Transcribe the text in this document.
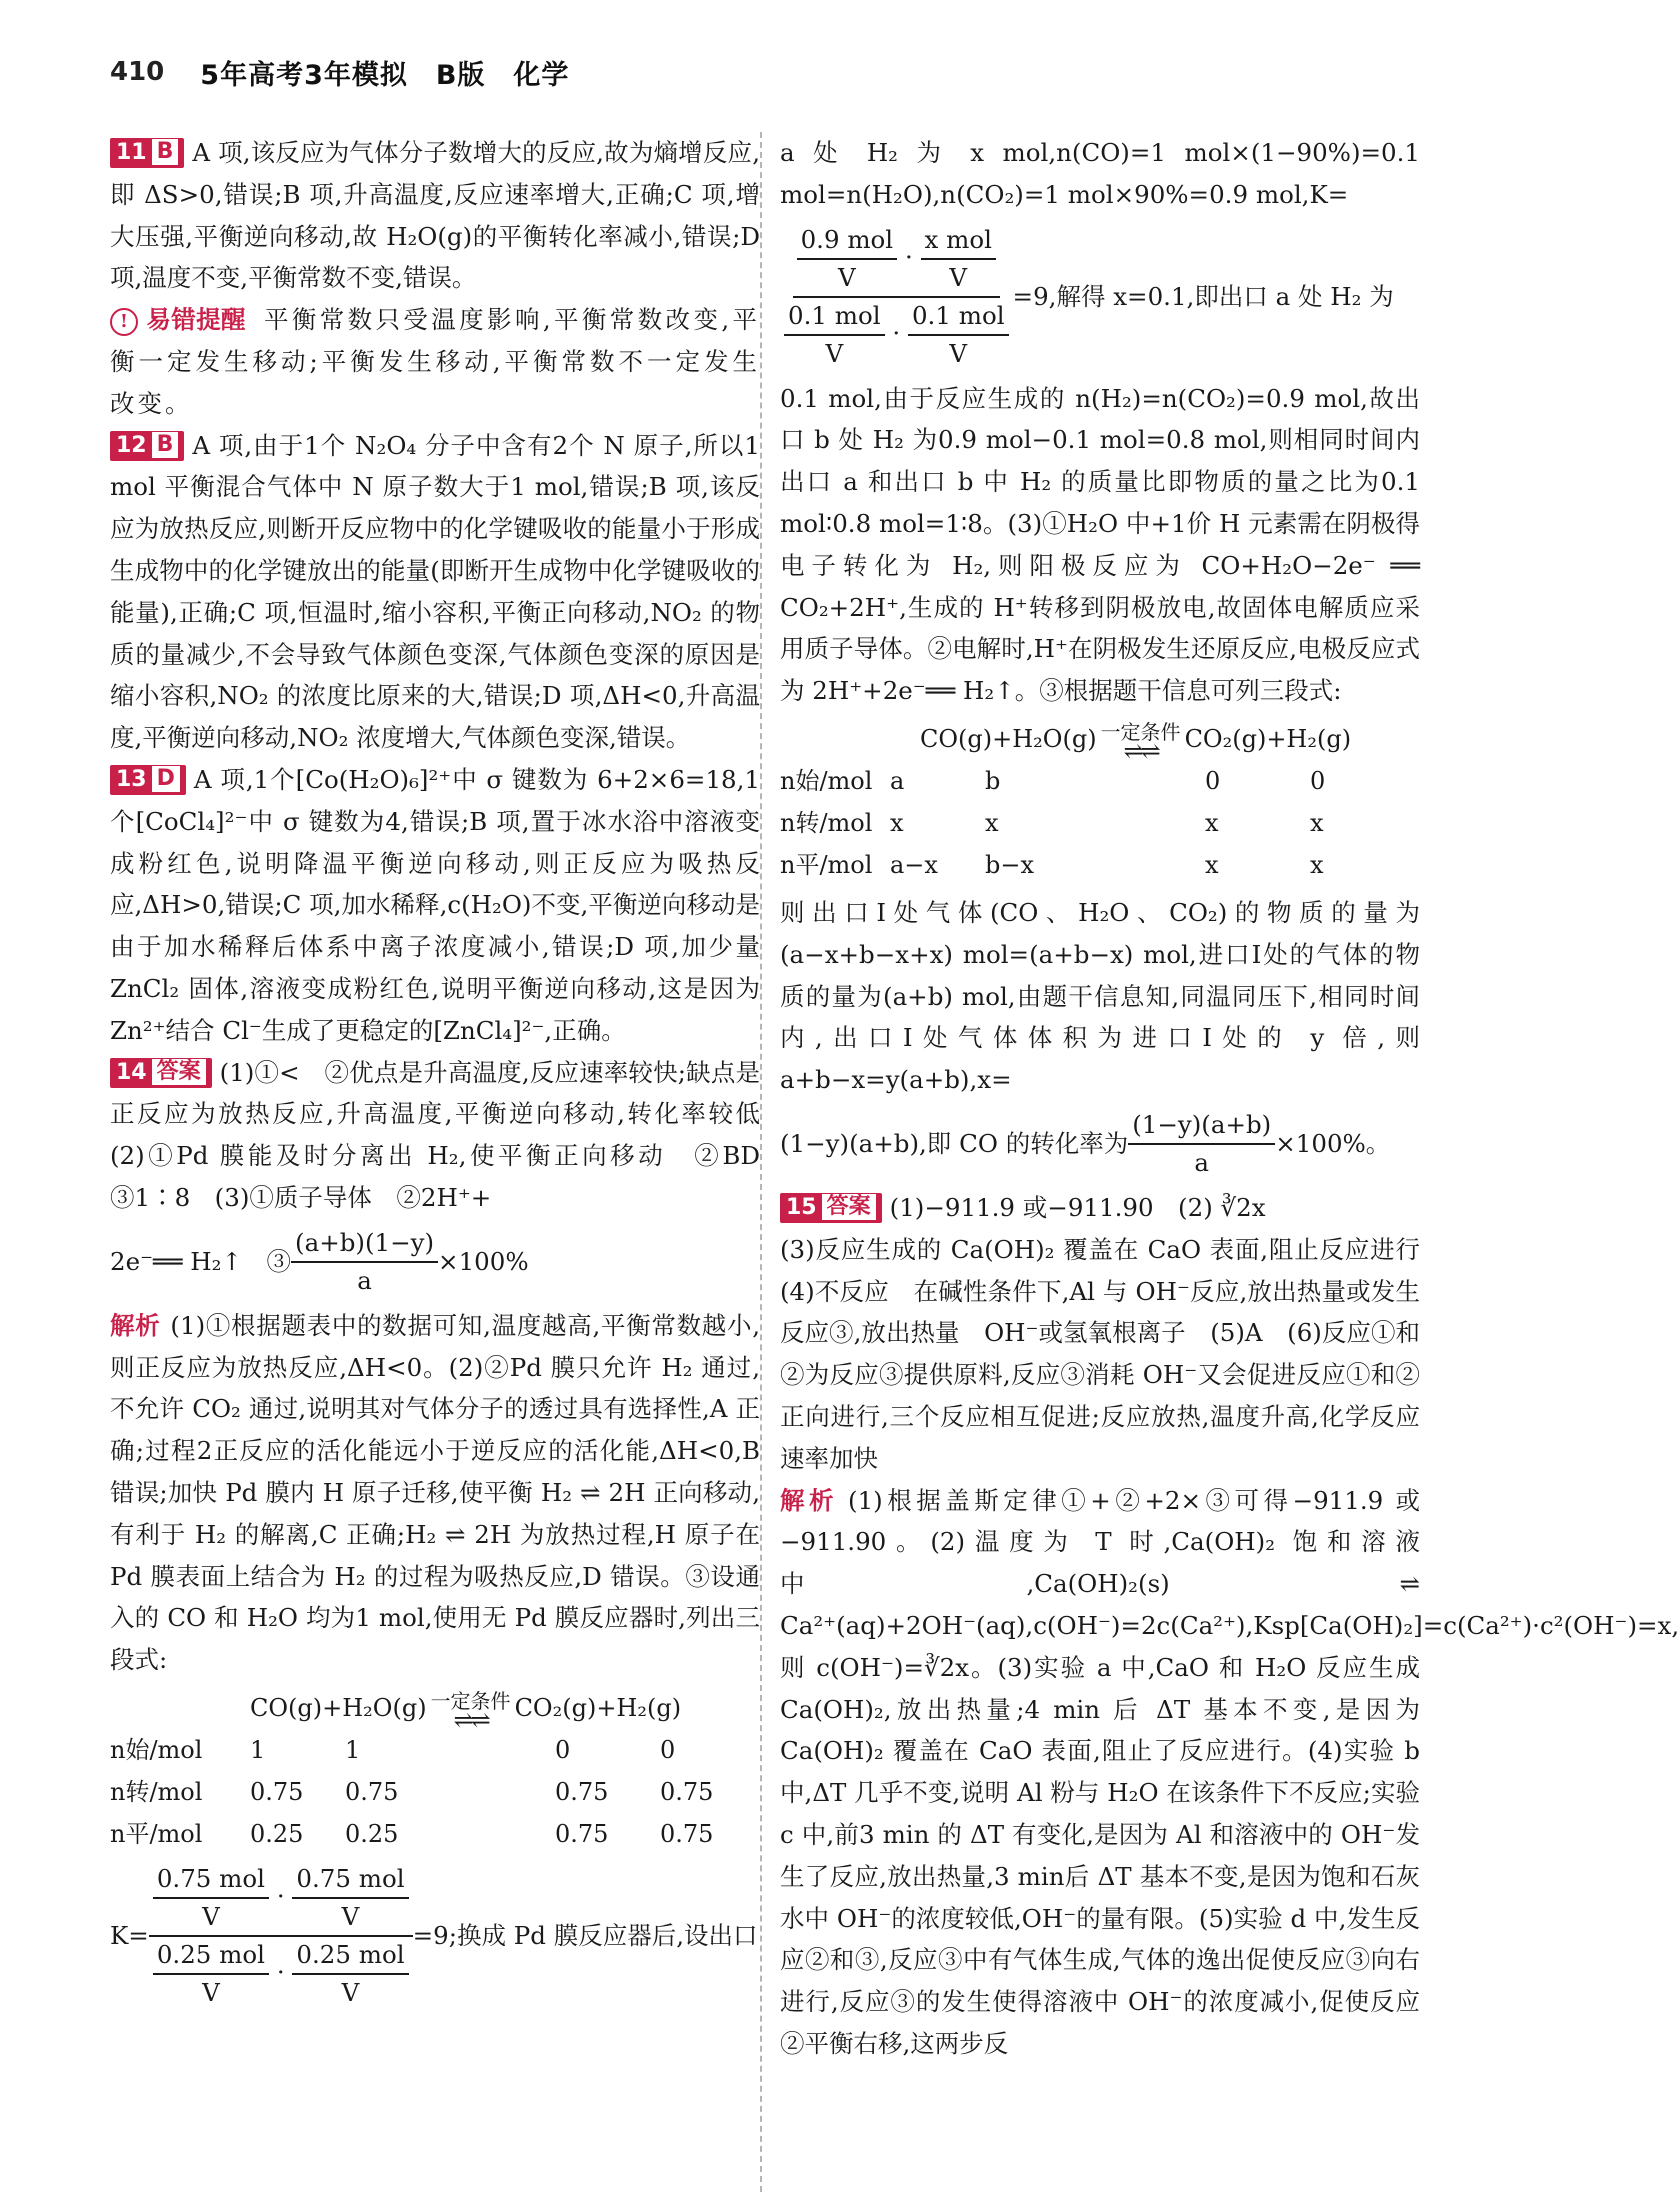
410 5年高考3年模拟　B版　化学

11 B A 项,该反应为气体分子数增大的反应,故为熵增反应,即 ΔS>0,错误;B 项,升高温度,反应速率增大,正确;C 项,增大压强,平衡逆向移动,故 H₂O(g)的平衡转化率减小,错误;D 项,温度不变,平衡常数不变,错误。

! 易错提醒 平衡常数只受温度影响,平衡常数改变,平衡一定发生移动;平衡发生移动,平衡常数不一定发生改变。

12 B A 项,由于1个 N₂O₄ 分子中含有2个 N 原子,所以1 mol 平衡混合气体中 N 原子数大于1 mol,错误;B 项,该反应为放热反应,则断开反应物中的化学键吸收的能量小于形成生成物中的化学键放出的能量(即断开生成物中化学键吸收的能量),正确;C 项,恒温时,缩小容积,平衡正向移动,NO₂ 的物质的量减少,不会导致气体颜色变深,气体颜色变深的原因是缩小容积,NO₂ 的浓度比原来的大,错误;D 项,ΔH<0,升高温度,平衡逆向移动,NO₂ 浓度增大,气体颜色变深,错误。

13 D A 项,1个[Co(H₂O)₆]²⁺中 σ 键数为 6+2×6=18,1个[CoCl₄]²⁻中 σ 键数为4,错误;B 项,置于冰水浴中溶液变成粉红色,说明降温平衡逆向移动,则正反应为吸热反应,ΔH>0,错误;C 项,加水稀释,c(H₂O)不变,平衡逆向移动是由于加水稀释后体系中离子浓度减小,错误;D 项,加少量 ZnCl₂ 固体,溶液变成粉红色,说明平衡逆向移动,这是因为 Zn²⁺结合 Cl⁻生成了更稳定的[ZnCl₄]²⁻,正确。

14 答案 (1)①<　②优点是升高温度,反应速率较快;缺点是正反应为放热反应,升高温度,平衡逆向移动,转化率较低　(2)①Pd 膜能及时分离出 H₂,使平衡正向移动　②BD　③1∶8　(3)①质子导体　②2H⁺+

2e⁻══ H₂↑　③ $\frac{(a+b)(1-y)}{a} \times 100\%$

解析 (1)①根据题表中的数据可知,温度越高,平衡常数越小,则正反应为放热反应,ΔH<0。(2)②Pd 膜只允许 H₂ 通过,不允许 CO₂ 通过,说明其对气体分子的透过具有选择性,A 正确;过程2正反应的活化能远小于逆反应的活化能,ΔH<0,B 错误;加快 Pd 膜内 H 原子迁移,使平衡 H₂ ⇌ 2H 正向移动,有利于 H₂ 的解离,C 正确;H₂ ⇌ 2H 为放热过程,H 原子在 Pd 膜表面上结合为 H₂ 的过程为吸热反应,D 错误。③设通入的 CO 和 H₂O 均为1 mol,使用无 Pd 膜反应器时,列出三段式:

CO(g)+H₂O(g) 一定条件
⇌⇌ CO₂(g)+H₂(g)
n始/mol	1	1	0	0
n转/mol	0.75	0.75	0.75	0.75
n平/mol	0.25	0.25	0.75	0.75
$K= \frac{\frac{\text{0.75 mol}}{V} \cdot \frac{\text{0.75 mol}}{V}}{\frac{\text{0.25 mol}}{V} \cdot \frac{\text{0.25 mol}}{V}} =9$;换成 Pd 膜反应器后,设出口

a 处 H₂ 为 x mol,n(CO)=1 mol×(1−90%)=0.1 mol=n(H₂O),n(CO₂)=1 mol×90%=0.9 mol,K=

$\frac{\frac{\text{0.9 mol}}{V} \cdot \frac{\text{x mol}}{V}}{\frac{\text{0.1 mol}}{V} \cdot \frac{\text{0.1 mol}}{V}} =9$,解得 x=0.1,即出口 a 处 H₂ 为

0.1 mol,由于反应生成的 n(H₂)=n(CO₂)=0.9 mol,故出口 b 处 H₂ 为0.9 mol−0.1 mol=0.8 mol,则相同时间内出口 a 和出口 b 中 H₂ 的质量比即物质的量之比为0.1 mol∶0.8 mol=1∶8。(3)①H₂O 中+1价 H 元素需在阴极得电子转化为 H₂,则阳极反应为 CO+H₂O−2e⁻ ══ CO₂+2H⁺,生成的 H⁺转移到阴极放电,故固体电解质应采用质子导体。②电解时,H⁺在阴极发生还原反应,电极反应式为 2H⁺+2e⁻══ H₂↑。③根据题干信息可列三段式:

CO(g)+H₂O(g) 一定条件
⇌⇌ CO₂(g)+H₂(g)
n始/mol	a	b	0	0
n转/mol	x	x	x	x
n平/mol	a−x	b−x	x	x

则出口Ⅰ处气体(CO、H₂O、CO₂)的物质的量为(a−x+b−x+x) mol=(a+b−x) mol,进口Ⅰ处的气体的物质的量为(a+b) mol,由题干信息知,同温同压下,相同时间内,出口Ⅰ处气体体积为进口Ⅰ处的 y 倍,则 a+b−x=y(a+b),x=

(1−y)(a+b),即 CO 的转化率为 $\frac{(1-y)(a+b)}{a} \times 100\%$。

15 答案 (1)−911.9 或−911.90　(2) ∛2x

(3)反应生成的 Ca(OH)₂ 覆盖在 CaO 表面,阻止反应进行　(4)不反应　在碱性条件下,Al 与 OH⁻反应,放出热量或发生反应③,放出热量　OH⁻或氢氧根离子　(5)A　(6)反应①和②为反应③提供原料,反应③消耗 OH⁻又会促进反应①和②正向进行,三个反应相互促进;反应放热,温度升高,化学反应速率加快

解析 (1)根据盖斯定律①+②+2×③可得−911.9 或−911.90。(2)温度为 T 时,Ca(OH)₂ 饱和溶液中,Ca(OH)₂(s) ⇌ Ca²⁺(aq)+2OH⁻(aq),c(OH⁻)=2c(Ca²⁺),Ksp[Ca(OH)₂]=c(Ca²⁺)·c²(OH⁻)=x,则 c(OH⁻)=∛2x。(3)实验 a 中,CaO 和 H₂O 反应生成 Ca(OH)₂,放出热量;4 min 后 ΔT 基本不变,是因为 Ca(OH)₂ 覆盖在 CaO 表面,阻止了反应进行。(4)实验 b 中,ΔT 几乎不变,说明 Al 粉与 H₂O 在该条件下不反应;实验 c 中,前3 min 的 ΔT 有变化,是因为 Al 和溶液中的 OH⁻发生了反应,放出热量,3 min后 ΔT 基本不变,是因为饱和石灰水中 OH⁻的浓度较低,OH⁻的量有限。(5)实验 d 中,发生反应②和③,反应③中有气体生成,气体的逸出促使反应③向右进行,反应③的发生使得溶液中 OH⁻的浓度减小,促使反应②平衡右移,这两步反
